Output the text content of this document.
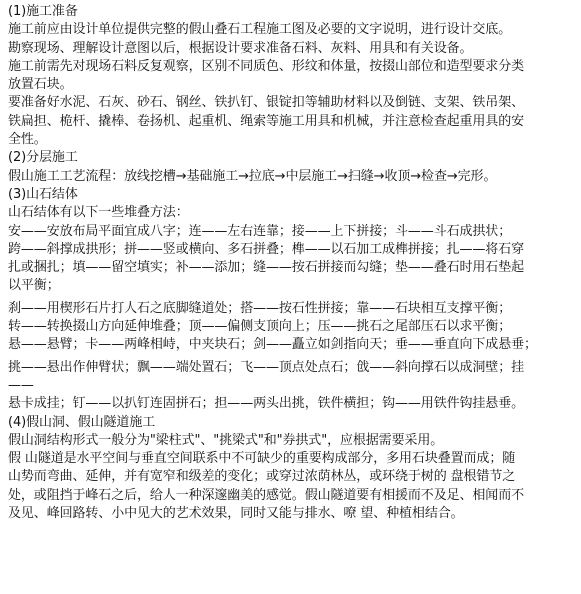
(1)施工准备
施工前应由设计单位提供完整的假山叠石工程施工图及必要的文字说明，进行设计交底。
勘察现场、理解设计意图以后，根据设计要求准备石料、灰料、用具和有关设备。
施工前需先对现场石料反复观察，区别不同质色、形纹和体量，按掇山部位和造型要求分类
放置石块。
要准备好水泥、石灰、砂石、钢丝、铁扒钉、银锭扣等辅助材料以及倒链、支架、铁吊架、
铁扁担、桅杆、撬棒、卷扬机、起重机、绳索等施工用具和机械，并注意检查起重用具的安
全性。
(2)分层施工
假山施工工艺流程：放线挖槽→基础施工→拉底→中层施工→扫缝→收顶→检查→完形。
(3)山石结体
山石结体有以下一些堆叠方法：
安——安放布局平面宜成八字；连——左右连靠；接——上下拼接；斗——斗石成拱状；
跨——斜撑成拱形；拼——竖或横向、多石拼叠；榫——以石加工成榫拼接；扎——将石穿
扎或捆扎；填——留空填实；补——添加；缝——按石拼接而勾缝；垫——叠石时用石垫起
以平衡；
刹——用楔形石片打人石之底脚缝道处；搭——按石性拼接；靠——石块相互支撑平衡；
转——转换掇山方向延伸堆叠；顶——偏侧支顶向上；压——挑石之尾部压石以求平衡；
悬——悬臂；卡——两峰相峙，中夹块石；剑——矗立如剑指向天；垂——垂直向下成悬垂；
挑——悬出作伸臂状；飘——端处置石；飞——顶点处点石；戗——斜向撑石以成洞壁；挂
——
悬卡成挂；钉——以扒钉连固拼石；担——两头出挑，铁件横担；钩——用铁件钩挂悬垂。
(4)假山洞、假山隧道施工
假山洞结构形式一般分为"梁柱式"、"挑梁式"和"券拱式"，应根据需要采用。
假 山隧道是水平空间与垂直空间联系中不可缺少的重要构成部分，多用石块叠置而成；随
山势而弯曲、延伸，并有宽窄和级差的变化；或穿过浓荫林丛，或环绕于树的 盘根错节之
处，或阻挡于峰石之后，给人一种深邃幽美的感觉。假山隧道要有相援而不及足、相闻而不
及见、峰回路转、小中见大的艺术效果，同时又能与排水、嘹 望、种植相结合。
